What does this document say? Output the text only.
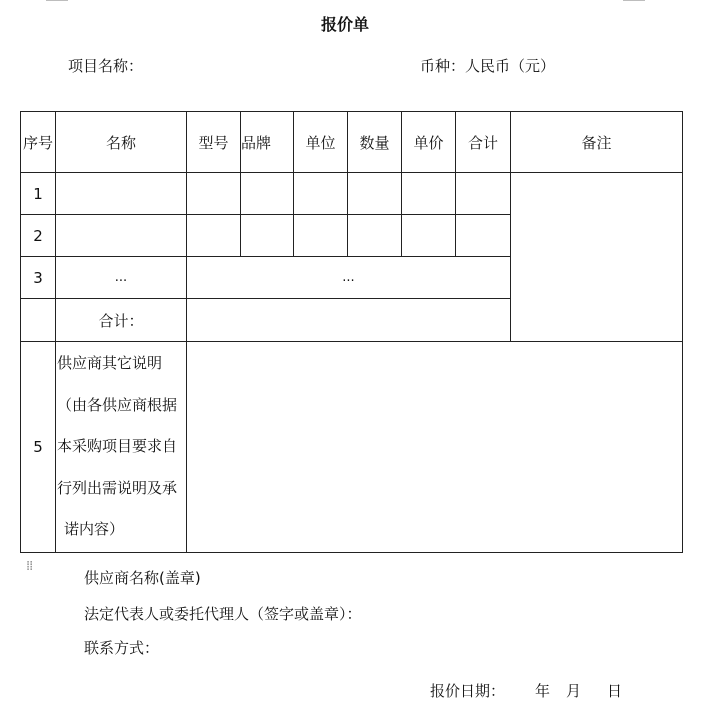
报价单
项目名称：	币种：人民币（元）
序号	名称	型号	品牌	单位	数量	单价	合计	备注
1								
2								
3	...	...						
	合计：							
5	供应商其它说明
（由各供应商根据
本采购项目要求自
行列出需说明及承
诺内容）							

⁞⁞
供应商名称(盖章)
法定代表人或委托代理人（签字或盖章）：
联系方式：
报价日期： 年 月 日
